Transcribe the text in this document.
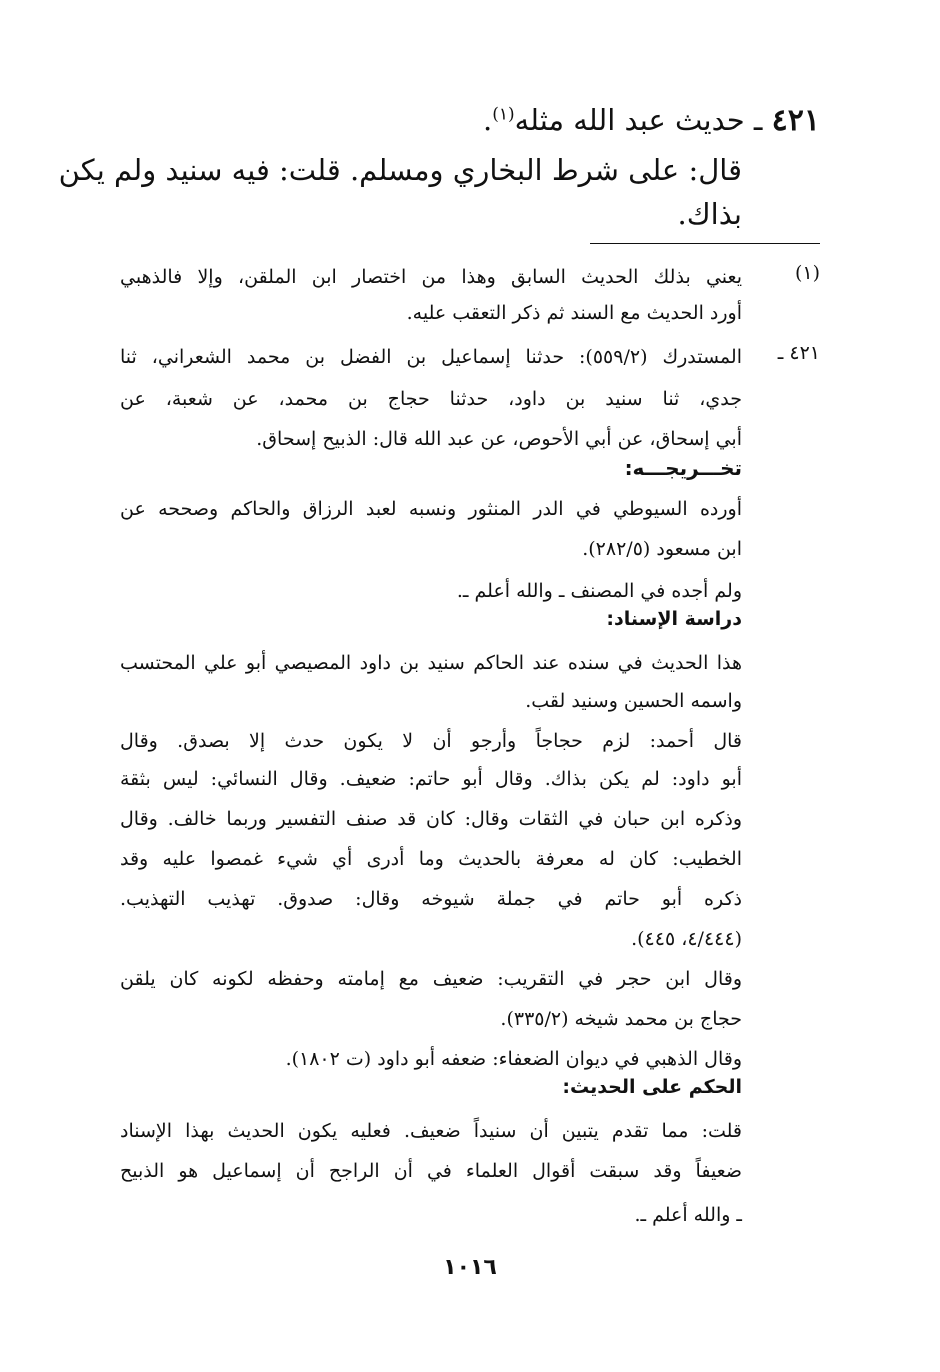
٤٢١ ـ حديث عبد الله مثله$^{(١)}$.
قال: على شرط البخاري ومسلم. قلت: فيه سنيد ولم يكن
بذاك.
(١)
يعني بذلك الحديث السابق وهذا من اختصار ابن الملقن، وإلا فالذهبي
أورد الحديث مع السند ثم ذكر التعقب عليه.
٤٢١ ـ
المستدرك (٥٥٩/٢): حدثنا إسماعيل بن الفضل بن محمد الشعراني، ثنا
جدي، ثنا سنيد بن داود، حدثنا حجاج بن محمد، عن شعبة، عن
أبي إسحاق، عن أبي الأحوص، عن عبد الله قال: الذبيح إسحاق.
تخـــريجـــه:
أورده السيوطي في الدر المنثور ونسبه لعبد الرزاق والحاكم وصححه عن
ابن مسعود (٢٨٢/٥).
ولم أجده في المصنف ـ والله أعلم ـ.
دراسة الإسناد:
هذا الحديث في سنده عند الحاكم سنيد بن داود المصيصي أبو علي المحتسب
واسمه الحسين وسنيد لقب.
قال أحمد: لزم حجاجاً وأرجو أن لا يكون حدث إلا بصدق. وقال
أبو داود: لم يكن بذاك. وقال أبو حاتم: ضعيف. وقال النسائي: ليس بثقة
وذكره ابن حبان في الثقات وقال: كان قد صنف التفسير وربما خالف. وقال
الخطيب: كان له معرفة بالحديث وما أدرى أي شيء غمصوا عليه وقد
ذكره أبو حاتم في جملة شيوخه وقال: صدوق. تهذيب التهذيب.
(٤/٤٤٤، ٤٤٥).
وقال ابن حجر في التقريب: ضعيف مع إمامته وحفظه لكونه كان يلقن
حجاج بن محمد شيخه (٣٣٥/٢).
وقال الذهبي في ديوان الضعفاء: ضعفه أبو داود (ت ١٨٠٢).
الحكم على الحديث:
قلت: مما تقدم يتبين أن سنيداً ضعيف. فعليه يكون الحديث بهذا الإسناد
ضعيفاً وقد سبقت أقوال العلماء في أن الراجح أن إسماعيل هو الذبيح
ـ والله أعلم ـ.
١٠١٦
